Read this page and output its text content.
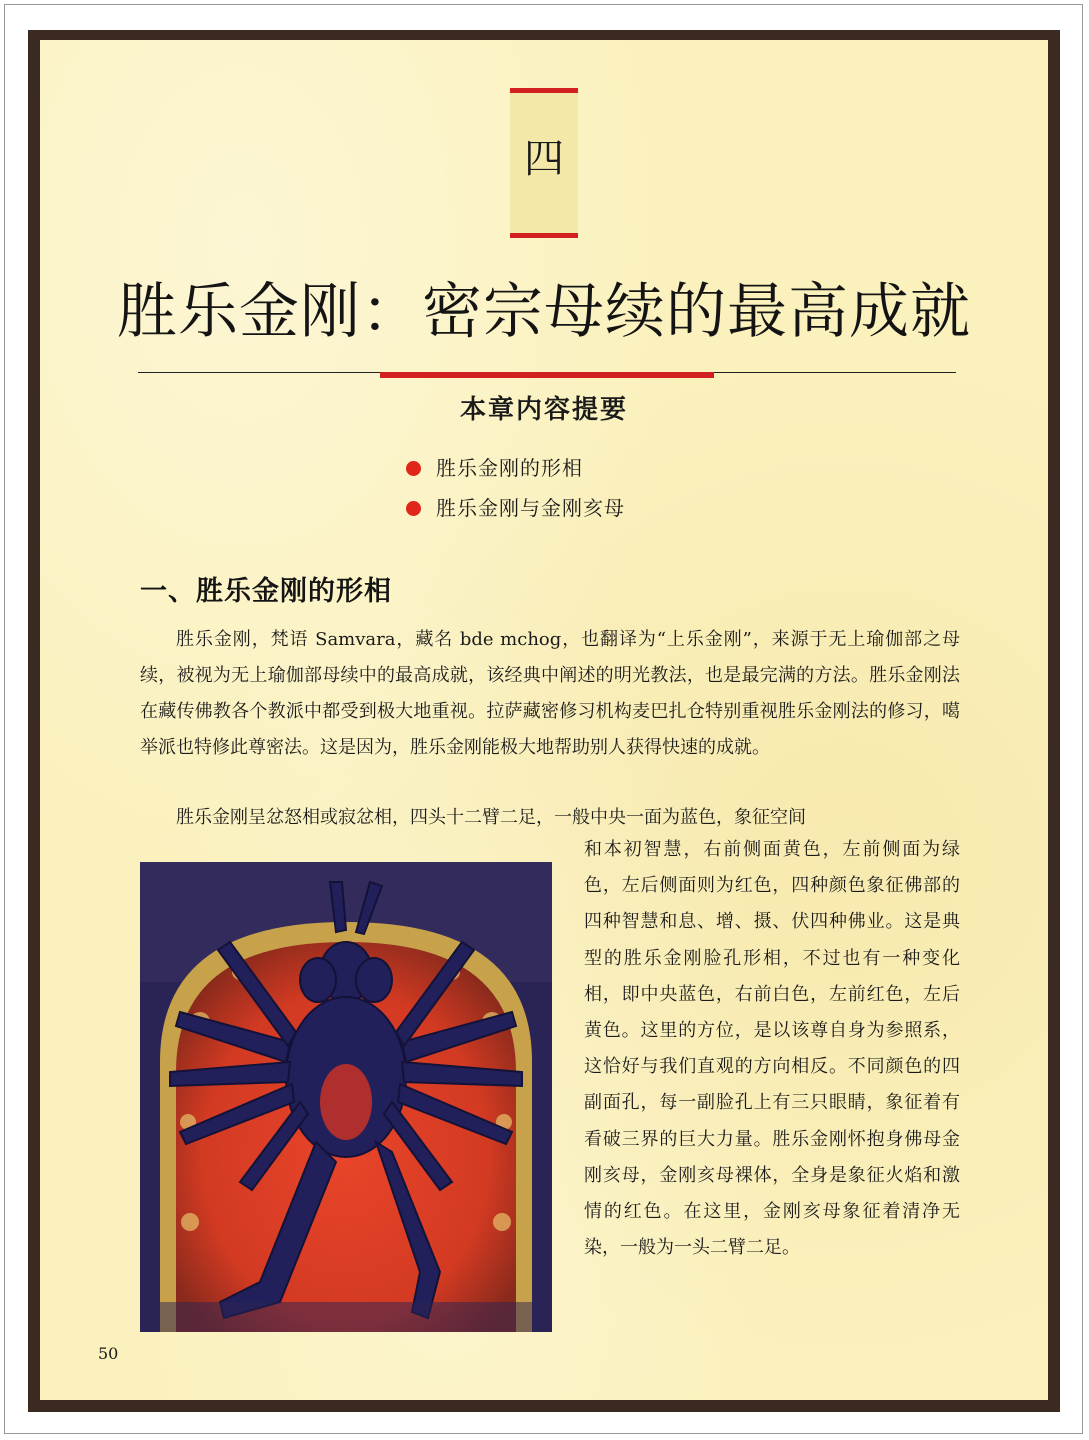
四
胜乐金刚：密宗母续的最高成就
本章内容提要
胜乐金刚的形相
胜乐金刚与金刚亥母
一、胜乐金刚的形相

胜乐金刚，梵语 Samvara，藏名 bde mchog，也翻译为“上乐金刚”，来源于无上瑜伽部之母续，被视为无上瑜伽部母续中的最高成就，该经典中阐述的明光教法，也是最完满的方法。胜乐金刚法在藏传佛教各个教派中都受到极大地重视。拉萨藏密修习机构麦巴扎仓特别重视胜乐金刚法的修习，噶举派也特修此尊密法。这是因为，胜乐金刚能极大地帮助别人获得快速的成就。

胜乐金刚呈忿怒相或寂忿相，四头十二臂二足，一般中央一面为蓝色，象征空间

和本初智慧，右前侧面黄色，左前侧面为绿色，左后侧面则为红色，四种颜色象征佛部的四种智慧和息、增、摄、伏四种佛业。这是典型的胜乐金刚脸孔形相，不过也有一种变化相，即中央蓝色，右前白色，左前红色，左后黄色。这里的方位，是以该尊自身为参照系，这恰好与我们直观的方向相反。不同颜色的四副面孔，每一副脸孔上有三只眼睛，象征着有看破三界的巨大力量。胜乐金刚怀抱身佛母金刚亥母，金刚亥母裸体，全身是象征火焰和激情的红色。在这里，金刚亥母象征着清净无染，一般为一头二臂二足。

50
